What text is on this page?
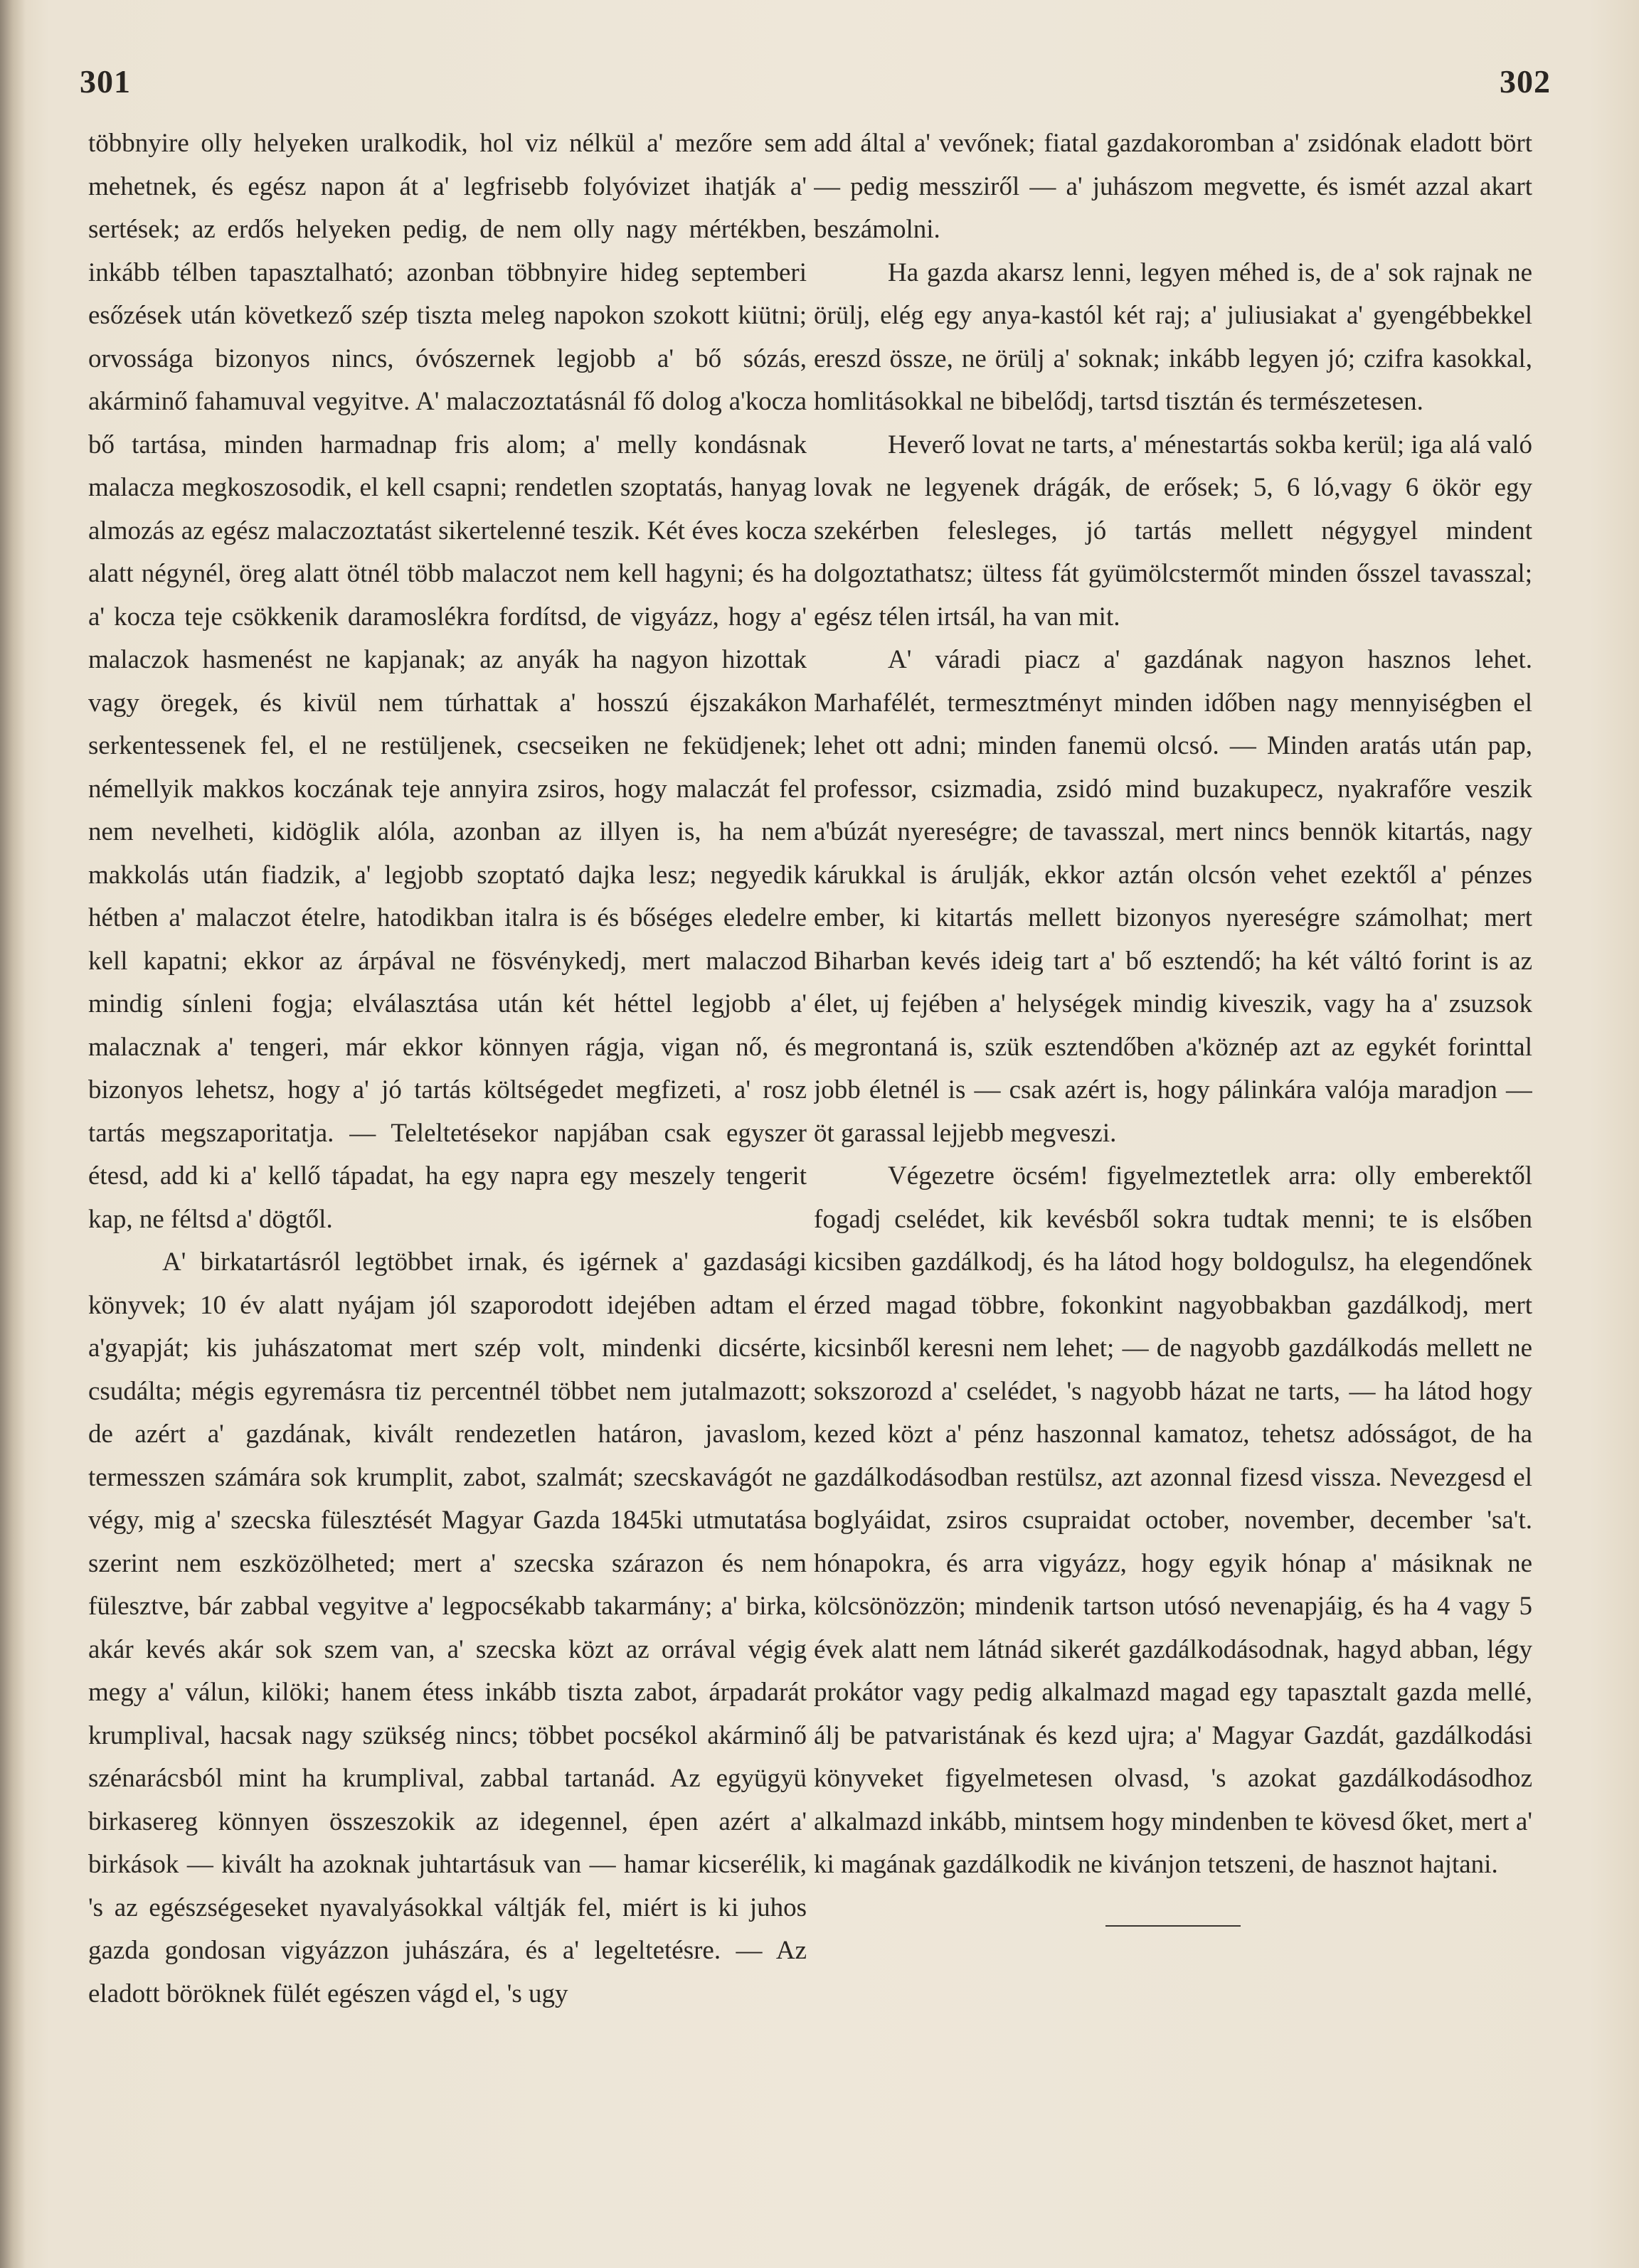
301	302

többnyire olly helyeken uralkodik, hol viz nélkül a' mezőre sem mehetnek, és egész napon át a' legfrisebb folyóvizet ihatják a' sertések; az erdős helyeken pedig, de nem olly nagy mértékben, inkább télben tapasztalható; azonban többnyire hideg septemberi esőzések után következő szép tiszta meleg napokon szokott kiütni; orvossága bizonyos nincs, óvószernek legjobb a' bő sózás, akárminő fahamuval vegyitve. A' malaczoztatásnál fő dolog a'kocza bő tartása, minden harmadnap fris alom; a' melly kondásnak malacza megkoszosodik, el kell csapni; rendetlen szoptatás, hanyag almozás az egész malaczoztatást sikertelenné teszik. Két éves kocza alatt négynél, öreg alatt ötnél több malaczot nem kell hagyni; és ha a' kocza teje csökkenik daramoslékra fordítsd, de vigyázz, hogy a' malaczok hasmenést ne kapjanak; az anyák ha nagyon hizottak vagy öregek, és kivül nem túrhattak a' hosszú éjszakákon serkentessenek fel, el ne restüljenek, csecseiken ne feküdjenek; némellyik makkos koczának teje annyira zsiros, hogy malaczát fel nem nevelheti, kidöglik alóla, azonban az illyen is, ha nem makkolás után fiadzik, a' legjobb szoptató dajka lesz; negyedik hétben a' malaczot ételre, hatodikban italra is és bőséges eledelre kell kapatni; ekkor az árpával ne fösvénykedj, mert malaczod mindig sínleni fogja; elválasztása után két héttel legjobb a' malacznak a' tengeri, már ekkor könnyen rágja, vigan nő, és bizonyos lehetsz, hogy a' jó tartás költségedet megfizeti, a' rosz tartás megszaporitatja. — Teleltetésekor napjában csak egyszer étesd, add ki a' kellő tápadat, ha egy napra egy meszely tengerit kap, ne féltsd a' dögtől.

A' birkatartásról legtöbbet irnak, és igérnek a' gazdasági könyvek; 10 év alatt nyájam jól szaporodott idejében adtam el a'gyapját; kis juhászatomat mert szép volt, mindenki dicsérte, csudálta; mégis egyremásra tiz percentnél többet nem jutalmazott; de azért a' gazdának, kivált rendezetlen határon, javaslom, termesszen számára sok krumplit, zabot, szalmát; szecskavágót ne végy, mig a' szecska fülesztését Magyar Gazda 1845ki utmutatása szerint nem eszközölheted; mert a' szecska szárazon és nem fülesztve, bár zabbal vegyitve a' legpocsékabb takarmány; a' birka, akár kevés akár sok szem van, a' szecska közt az orrával végig megy a' válun, kilöki; hanem étess inkább tiszta zabot, árpadarát krumplival, hacsak nagy szükség nincs; többet pocsékol akárminő szénarácsból mint ha krumplival, zabbal tartanád. Az együgyü birkasereg könnyen összeszokik az idegennel, épen azért a' birkások — kivált ha azoknak juhtartásuk van — hamar kicserélik, 's az egészségeseket nyavalyásokkal váltják fel, miért is ki juhos gazda gondosan vigyázzon juhászára, és a' legeltetésre. — Az eladott böröknek fülét egészen vágd el, 's ugy

add által a' vevőnek; fiatal gazdakoromban a' zsidónak eladott bört — pedig messziről — a' juhászom megvette, és ismét azzal akart beszámolni.

Ha gazda akarsz lenni, legyen méhed is, de a' sok rajnak ne örülj, elég egy anya-kastól két raj; a' juliusiakat a' gyengébbekkel ereszd össze, ne örülj a' soknak; inkább legyen jó; czifra kasokkal, homlitásokkal ne bibelődj, tartsd tisztán és természetesen.

Heverő lovat ne tarts, a' ménestartás sokba kerül; iga alá való lovak ne legyenek drágák, de erősek; 5, 6 ló,vagy 6 ökör egy szekérben felesleges, jó tartás mellett négygyel mindent dolgoztathatsz; ültess fát gyümölcstermőt minden ősszel tavasszal; egész télen irtsál, ha van mit.

A' váradi piacz a' gazdának nagyon hasznos lehet. Marhafélét, termesztményt minden időben nagy mennyiségben el lehet ott adni; minden fanemü olcsó. — Minden aratás után pap, professor, csizmadia, zsidó mind buzakupecz, nyakrafőre veszik a'búzát nyereségre; de tavasszal, mert nincs bennök kitartás, nagy kárukkal is árulják, ekkor aztán olcsón vehet ezektől a' pénzes ember, ki kitartás mellett bizonyos nyereségre számolhat; mert Biharban kevés ideig tart a' bő esztendő; ha két váltó forint is az élet, uj fejében a' helységek mindig kiveszik, vagy ha a' zsuzsok megrontaná is, szük esztendőben a'köznép azt az egykét forinttal jobb életnél is — csak azért is, hogy pálinkára valója maradjon — öt garassal lejjebb megveszi.

Végezetre öcsém! figyelmeztetlek arra: olly emberektől fogadj cselédet, kik kevésből sokra tudtak menni; te is elsőben kicsiben gazdálkodj, és ha látod hogy boldogulsz, ha elegendőnek érzed magad többre, fokonkint nagyobbakban gazdálkodj, mert kicsinből keresni nem lehet; — de nagyobb gazdálkodás mellett ne sokszorozd a' cselédet, 's nagyobb házat ne tarts, — ha látod hogy kezed közt a' pénz haszonnal kamatoz, tehetsz adósságot, de ha gazdálkodásodban restülsz, azt azonnal fizesd vissza. Nevezgesd el boglyáidat, zsiros csupraidat october, november, december 'sa't. hónapokra, és arra vigyázz, hogy egyik hónap a' másiknak ne kölcsönözzön; mindenik tartson utósó nevenapjáig, és ha 4 vagy 5 évek alatt nem látnád sikerét gazdálkodásodnak, hagyd abban, légy prokátor vagy pedig alkalmazd magad egy tapasztalt gazda mellé, álj be patvaristának és kezd ujra; a' Magyar Gazdát, gazdálkodási könyveket figyelmetesen olvasd, 's azokat gazdálkodásodhoz alkalmazd inkább, mintsem hogy mindenben te kövesd őket, mert a' ki magának gazdálkodik ne kivánjon tetszeni, de hasznot hajtani.
